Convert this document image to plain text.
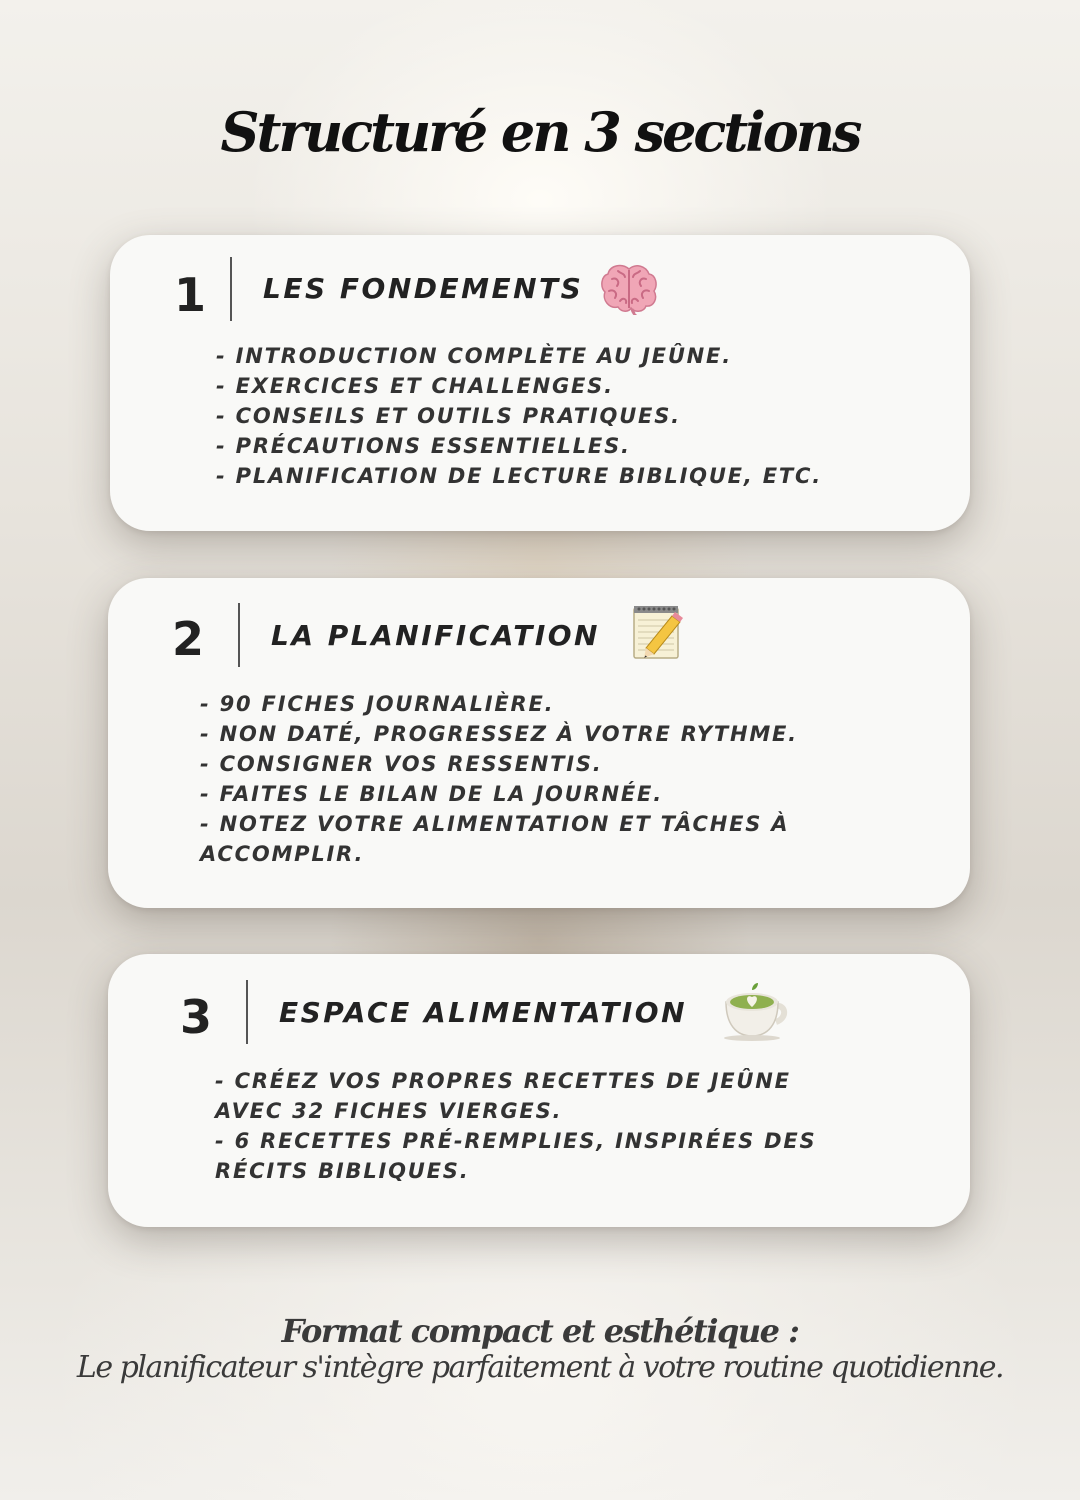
Structuré en 3 sections
1 LES FONDEMENTS
- INTRODUCTION COMPLÈTE AU JEÛNE.
- EXERCICES ET CHALLENGES.
- CONSEILS ET OUTILS PRATIQUES.
- PRÉCAUTIONS ESSENTIELLES.
- PLANIFICATION DE LECTURE BIBLIQUE, ETC.
2 LA PLANIFICATION
- 90 FICHES JOURNALIÈRE.
- NON DATÉ, PROGRESSEZ À VOTRE RYTHME.
- CONSIGNER VOS RESSENTIS.
- FAITES LE BILAN DE LA JOURNÉE.
- NOTEZ VOTRE ALIMENTATION ET TÂCHES À
ACCOMPLIR.
3 ESPACE ALIMENTATION
- CRÉEZ VOS PROPRES RECETTES DE JEÛNE
AVEC 32 FICHES VIERGES.
- 6 RECETTES PRÉ-REMPLIES, INSPIRÉES DES
RÉCITS BIBLIQUES.
Format compact et esthétique :
Le planificateur s'intègre parfaitement à votre routine quotidienne.
